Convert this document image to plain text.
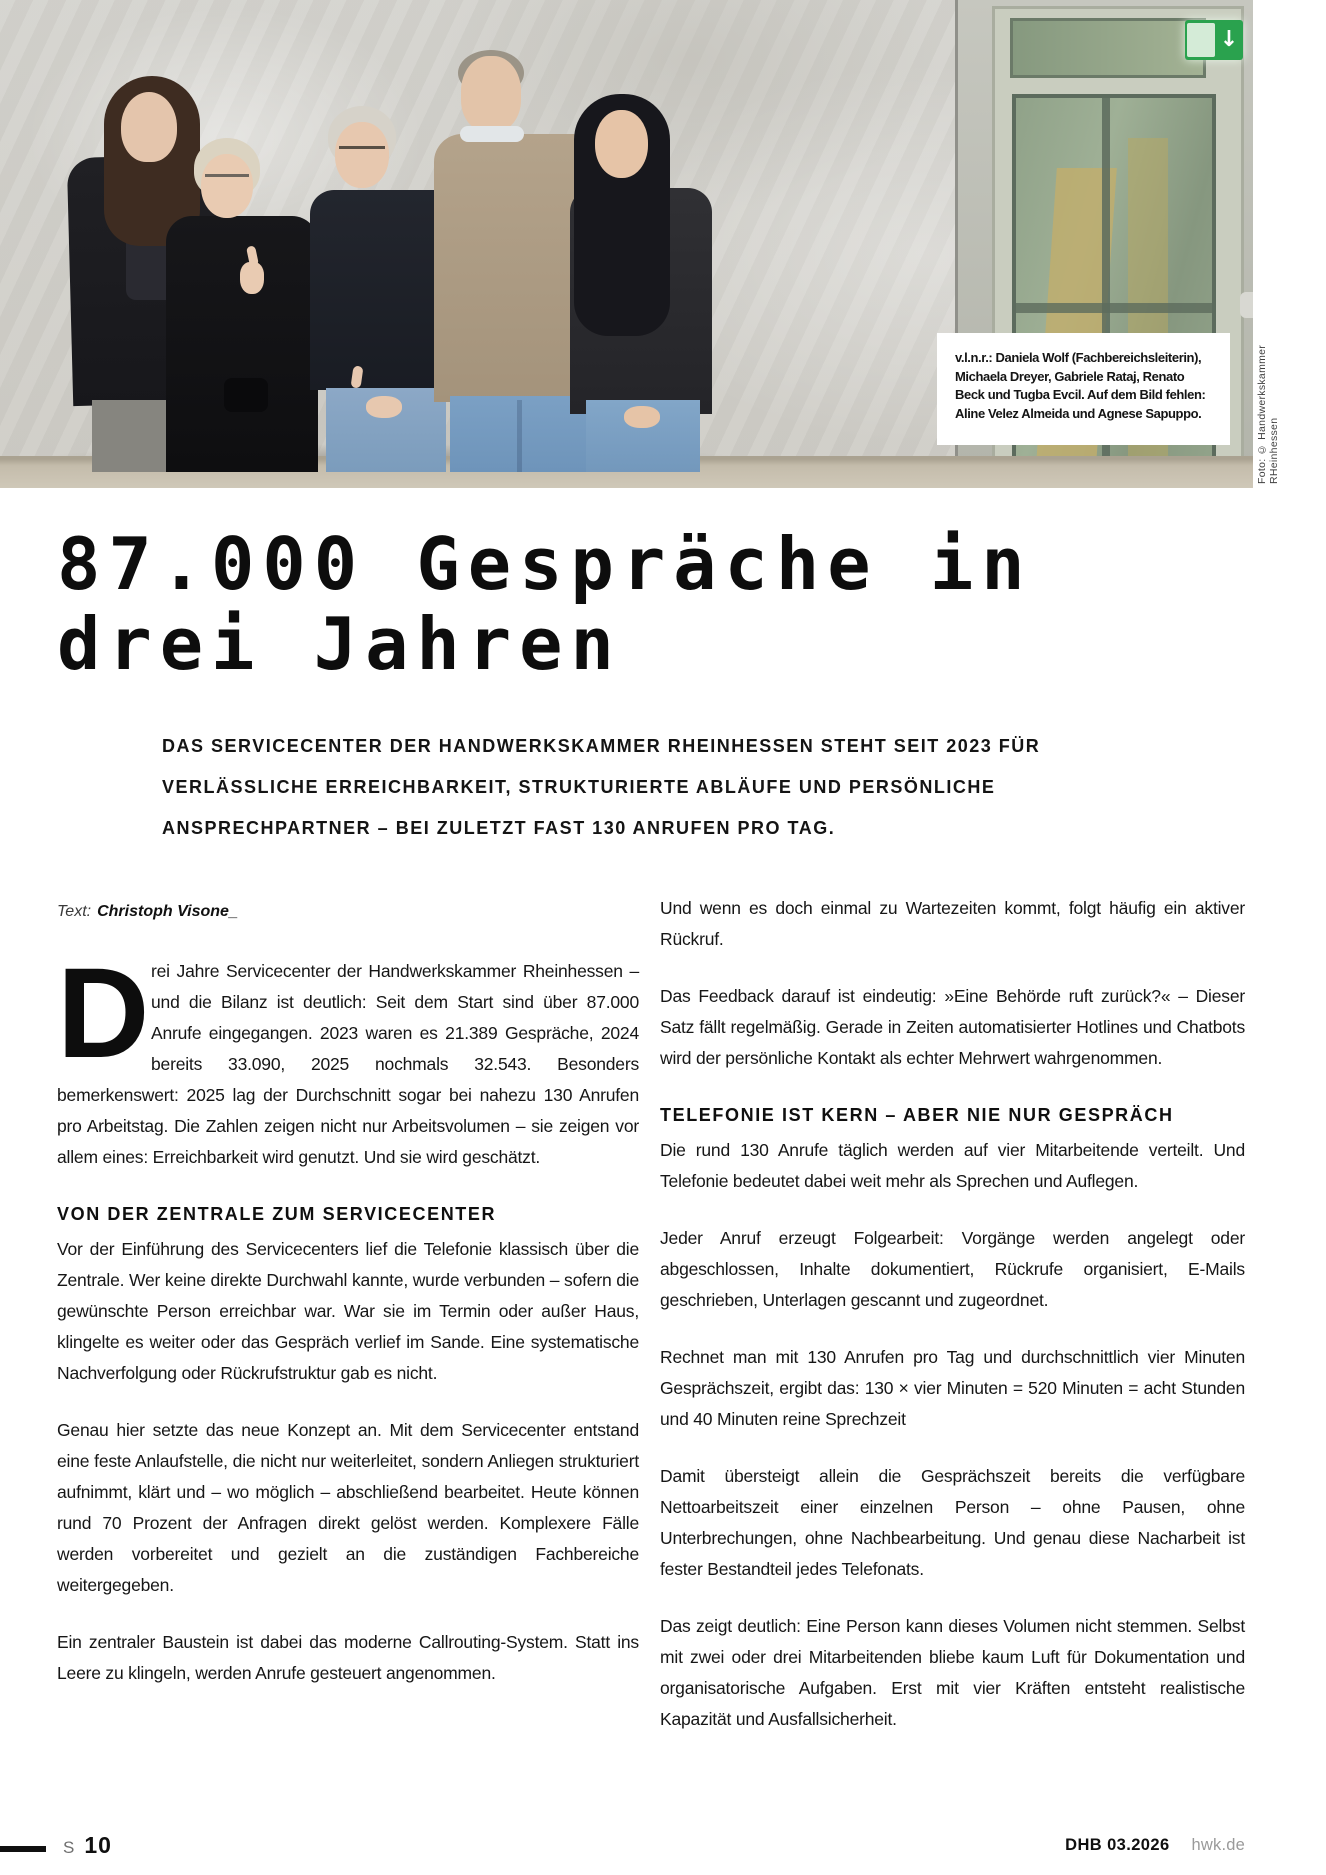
↓
v.l.n.r.: Daniela Wolf (Fachbereichsleiterin),
Michaela Dreyer, Gabriele Rataj, Renato
Beck und Tugba Evcil. Auf dem Bild fehlen:
Aline Velez Almeida und Agnese Sapuppo.	Foto: © Handwerkskammer RHeinhessen
87.000 Gespräche in
drei Jahren
DAS SERVICECENTER DER HANDWERKSKAMMER RHEINHESSEN STEHT SEIT 2023 FÜR
VERLÄSSLICHE ERREICHBARKEIT, STRUKTURIERTE ABLÄUFE UND PERSÖNLICHE
ANSPRECHPARTNER – BEI ZULETZT FAST 130 ANRUFEN PRO TAG.
Text: Christoph Visone_

Drei Jahre Servicecenter der Handwerkskammer Rheinhessen – und die Bilanz ist deutlich: Seit dem Start sind über 87.000 Anrufe eingegangen. 2023 waren es 21.389 Gespräche, 2024 bereits 33.090, 2025 nochmals 32.543. Besonders bemerkenswert: 2025 lag der Durchschnitt sogar bei nahezu 130 Anrufen pro Arbeitstag. Die Zahlen zeigen nicht nur Arbeitsvolumen – sie zeigen vor allem eines: Erreichbarkeit wird genutzt. Und sie wird geschätzt.

VON DER ZENTRALE ZUM SERVICECENTER

Vor der Einführung des Servicecenters lief die Telefonie klassisch über die Zentrale. Wer keine direkte Durchwahl kannte, wurde verbunden – sofern die gewünschte Person erreichbar war. War sie im Termin oder außer Haus, klingelte es weiter oder das Gespräch verlief im Sande. Eine systematische Nachverfolgung oder Rückrufstruktur gab es nicht.

Genau hier setzte das neue Konzept an. Mit dem Servicecenter entstand eine feste Anlaufstelle, die nicht nur weiterleitet, sondern Anliegen strukturiert aufnimmt, klärt und – wo möglich – abschließend bearbeitet. Heute können rund 70 Prozent der Anfragen direkt gelöst werden. Komplexere Fälle werden vorbereitet und gezielt an die zuständigen Fachbereiche weitergegeben.

Ein zentraler Baustein ist dabei das moderne Callrouting-System. Statt ins Leere zu klingeln, werden Anrufe gesteuert angenommen.

Und wenn es doch einmal zu Wartezeiten kommt, folgt häufig ein aktiver Rückruf.

Das Feedback darauf ist eindeutig: »Eine Behörde ruft zurück?« – Dieser Satz fällt regelmäßig. Gerade in Zeiten automatisierter Hotlines und Chatbots wird der persönliche Kontakt als echter Mehrwert wahrgenommen.

TELEFONIE IST KERN – ABER NIE NUR GESPRÄCH

Die rund 130 Anrufe täglich werden auf vier Mitarbeitende verteilt. Und Telefonie bedeutet dabei weit mehr als Sprechen und Auflegen.

Jeder Anruf erzeugt Folgearbeit: Vorgänge werden angelegt oder abgeschlossen, Inhalte dokumentiert, Rückrufe organisiert, E-Mails geschrieben, Unterlagen gescannt und zugeordnet.

Rechnet man mit 130 Anrufen pro Tag und durchschnittlich vier Minuten Gesprächszeit, ergibt das: 130 × vier Minuten = 520 Minuten = acht Stunden und 40 Minuten reine Sprechzeit

Damit übersteigt allein die Gesprächszeit bereits die verfügbare Nettoarbeitszeit einer einzelnen Person – ohne Pausen, ohne Unterbrechungen, ohne Nachbearbeitung. Und genau diese Nacharbeit ist fester Bestandteil jedes Telefonats.

Das zeigt deutlich: Eine Person kann dieses Volumen nicht stemmen. Selbst mit zwei oder drei Mitarbeitenden bliebe kaum Luft für Dokumentation und organisatorische Aufgaben. Erst mit vier Kräften entsteht realistische Kapazität und Ausfallsicherheit.

S 10	DHB 03.2026 hwk.de
